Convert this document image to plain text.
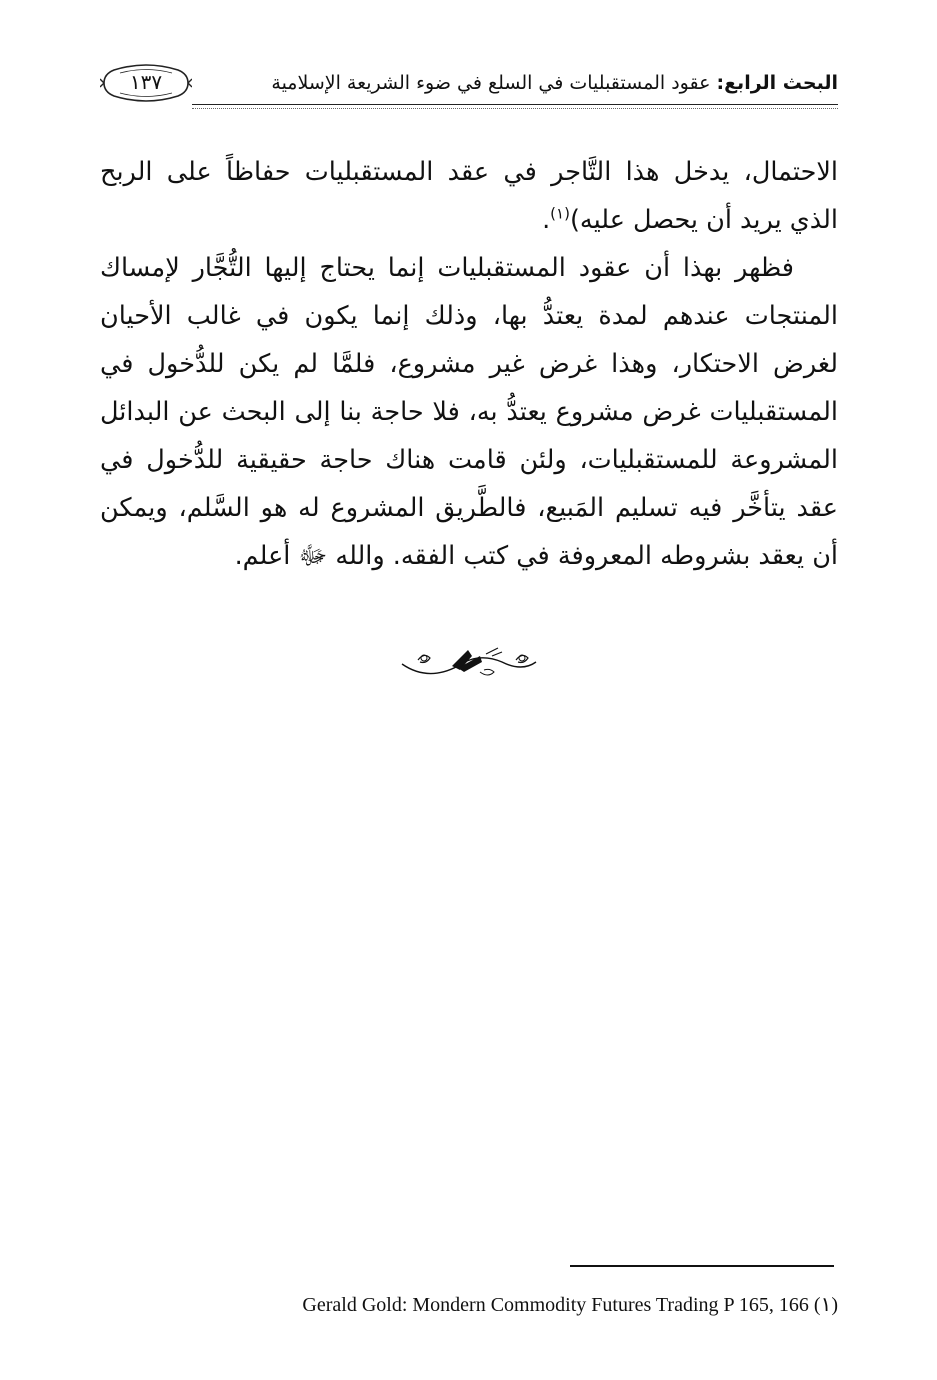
البحث الرابع: عقود المستقبليات في السلع في ضوء الشريعة الإسلامية
١٣٧

الاحتمال، يدخل هذا التَّاجر في عقد المستقبليات حفاظاً على الربح الذي يريد أن يحصل عليه)$^{(١)}$.

فظهر بهذا أن عقود المستقبليات إنما يحتاج إليها التُّجَّار لإمساك المنتجات عندهم لمدة يعتدُّ بها، وذلك إنما يكون في غالب الأحيان لغرض الاحتكار، وهذا غرض غير مشروع، فلمَّا لم يكن للدُّخول في المستقبليات غرض مشروع يعتدُّ به، فلا حاجة بنا إلى البحث عن البدائل المشروعة للمستقبليات، ولئن قامت هناك حاجة حقيقية للدُّخول في عقد يتأخَّر فيه تسليم المَبيع، فالطَّريق المشروع له هو السَّلم، ويمكن أن يعقد بشروطه المعروفة في كتب الفقه. والله ﷻ أعلم.

Gerald Gold: Mondern Commodity Futures Trading P 165, 166 (١)
